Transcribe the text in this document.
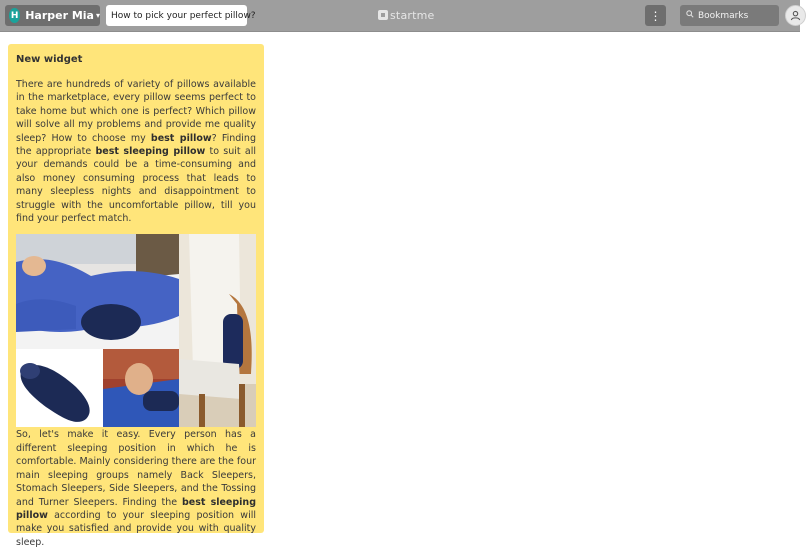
H Harper Mia ▾	How to pick your perfect pillow?	startme	⋮	Bookmarks
New widget

There are hundreds of variety of pillows available in the marketplace, every pillow seems perfect to take home but which one is perfect? Which pillow will solve all my problems and provide me quality sleep? How to choose my best pillow? Finding the appropriate best sleeping pillow to suit all your demands could be a time-consuming and also money consuming process that leads to many sleepless nights and disappointment to struggle with the uncomfortable pillow, till you find your perfect match.

So, let's make it easy. Every person has a different sleeping position in which he is comfortable. Mainly considering there are the four main sleeping groups namely Back Sleepers, Stomach Sleepers, Side Sleepers, and the Tossing and Turner Sleepers. Finding the best sleeping pillow according to your sleeping position will make you satisfied and provide you with quality sleep.
